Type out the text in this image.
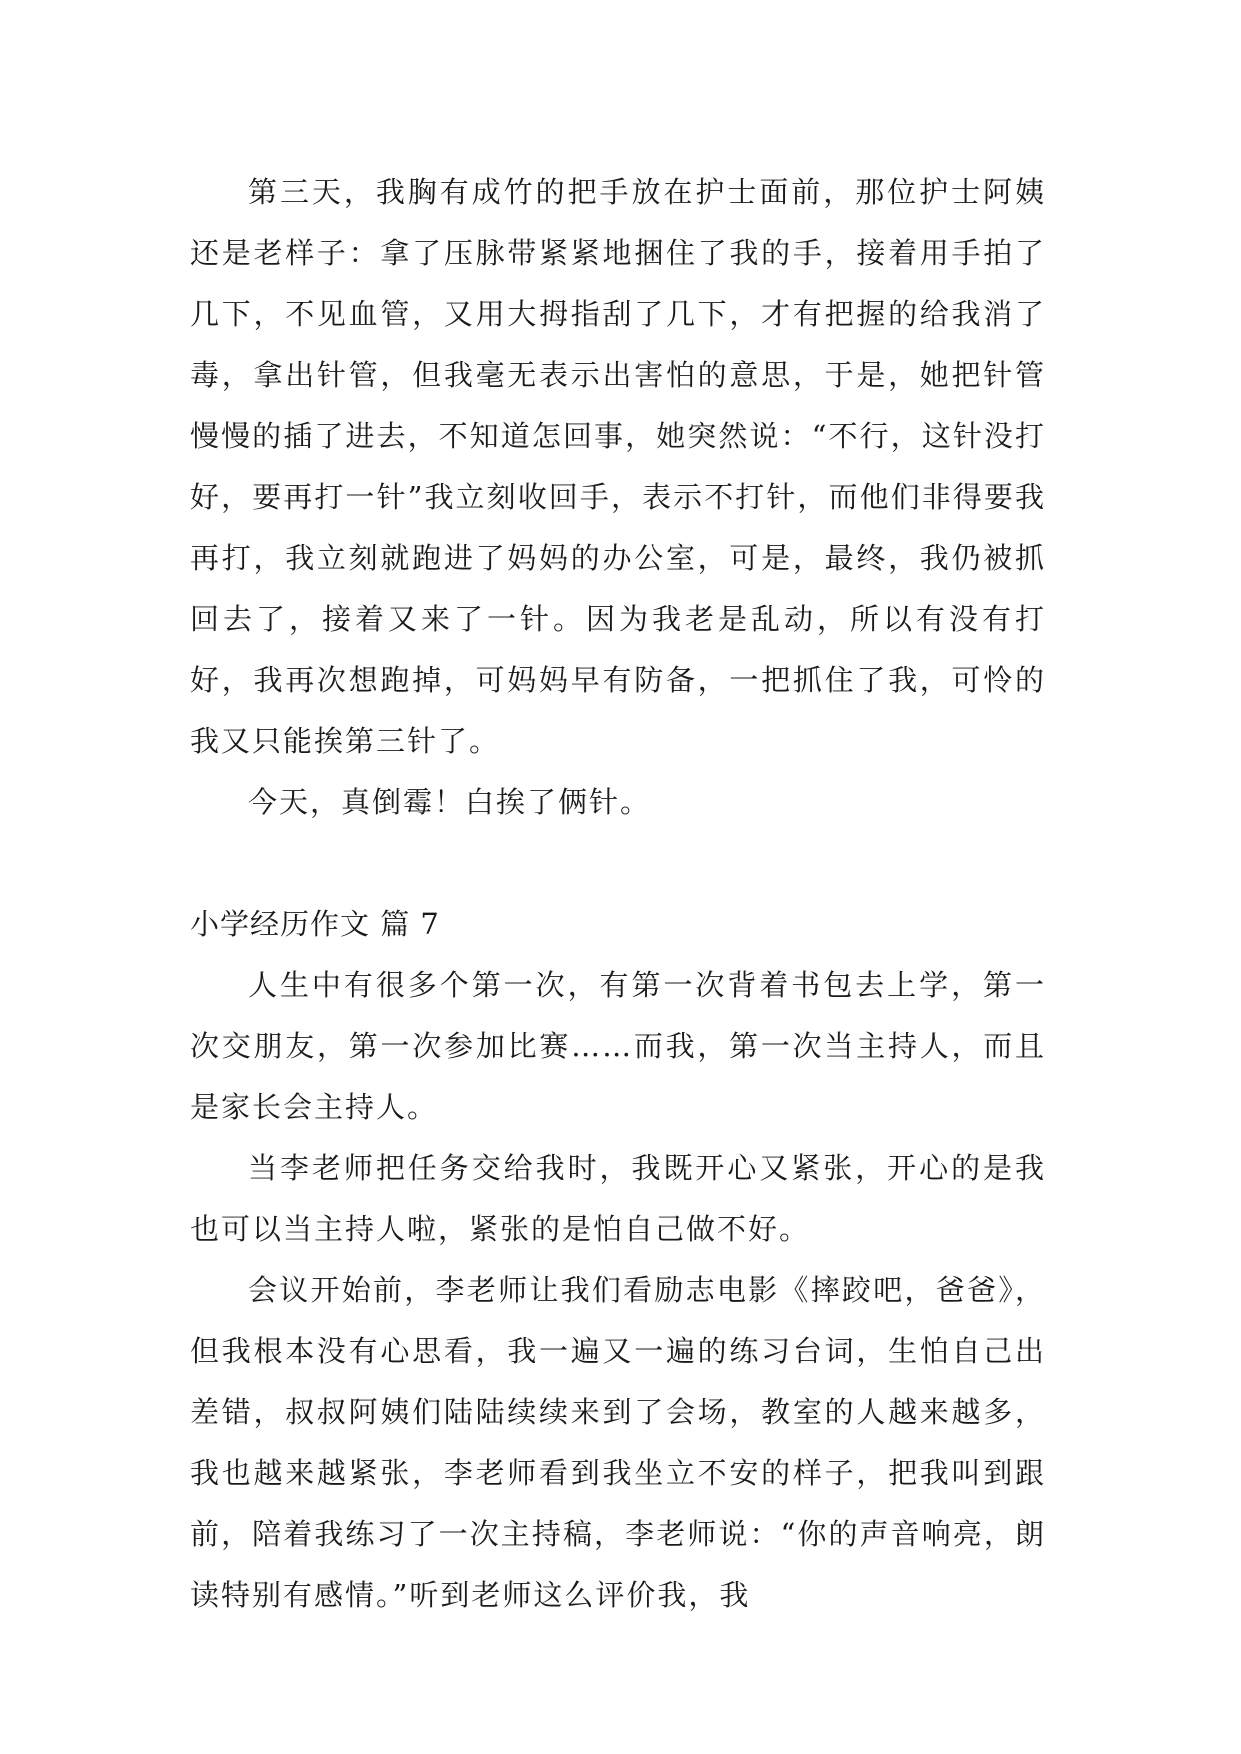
第三天，我胸有成竹的把手放在护士面前，那位护士阿姨还是老样子：拿了压脉带紧紧地捆住了我的手，接着用手拍了几下，不见血管，又用大拇指刮了几下，才有把握的给我消了毒，拿出针管，但我毫无表示出害怕的意思，于是，她把针管慢慢的插了进去，不知道怎回事，她突然说：“不行，这针没打好，要再打一针”我立刻收回手，表示不打针，而他们非得要我再打，我立刻就跑进了妈妈的办公室，可是，最终，我仍被抓回去了，接着又来了一针。因为我老是乱动，所以有没有打好，我再次想跑掉，可妈妈早有防备，一把抓住了我，可怜的我又只能挨第三针了。

今天，真倒霉！白挨了俩针。

小学经历作文 篇 7

人生中有很多个第一次，有第一次背着书包去上学，第一次交朋友，第一次参加比赛……而我，第一次当主持人，而且是家长会主持人。

当李老师把任务交给我时，我既开心又紧张，开心的是我也可以当主持人啦，紧张的是怕自己做不好。

会议开始前，李老师让我们看励志电影《摔跤吧，爸爸》，但我根本没有心思看，我一遍又一遍的练习台词，生怕自己出差错，叔叔阿姨们陆陆续续来到了会场，教室的人越来越多，我也越来越紧张，李老师看到我坐立不安的样子，把我叫到跟前，陪着我练习了一次主持稿，李老师说：“你的声音响亮，朗读特别有感情。”听到老师这么评价我，我
